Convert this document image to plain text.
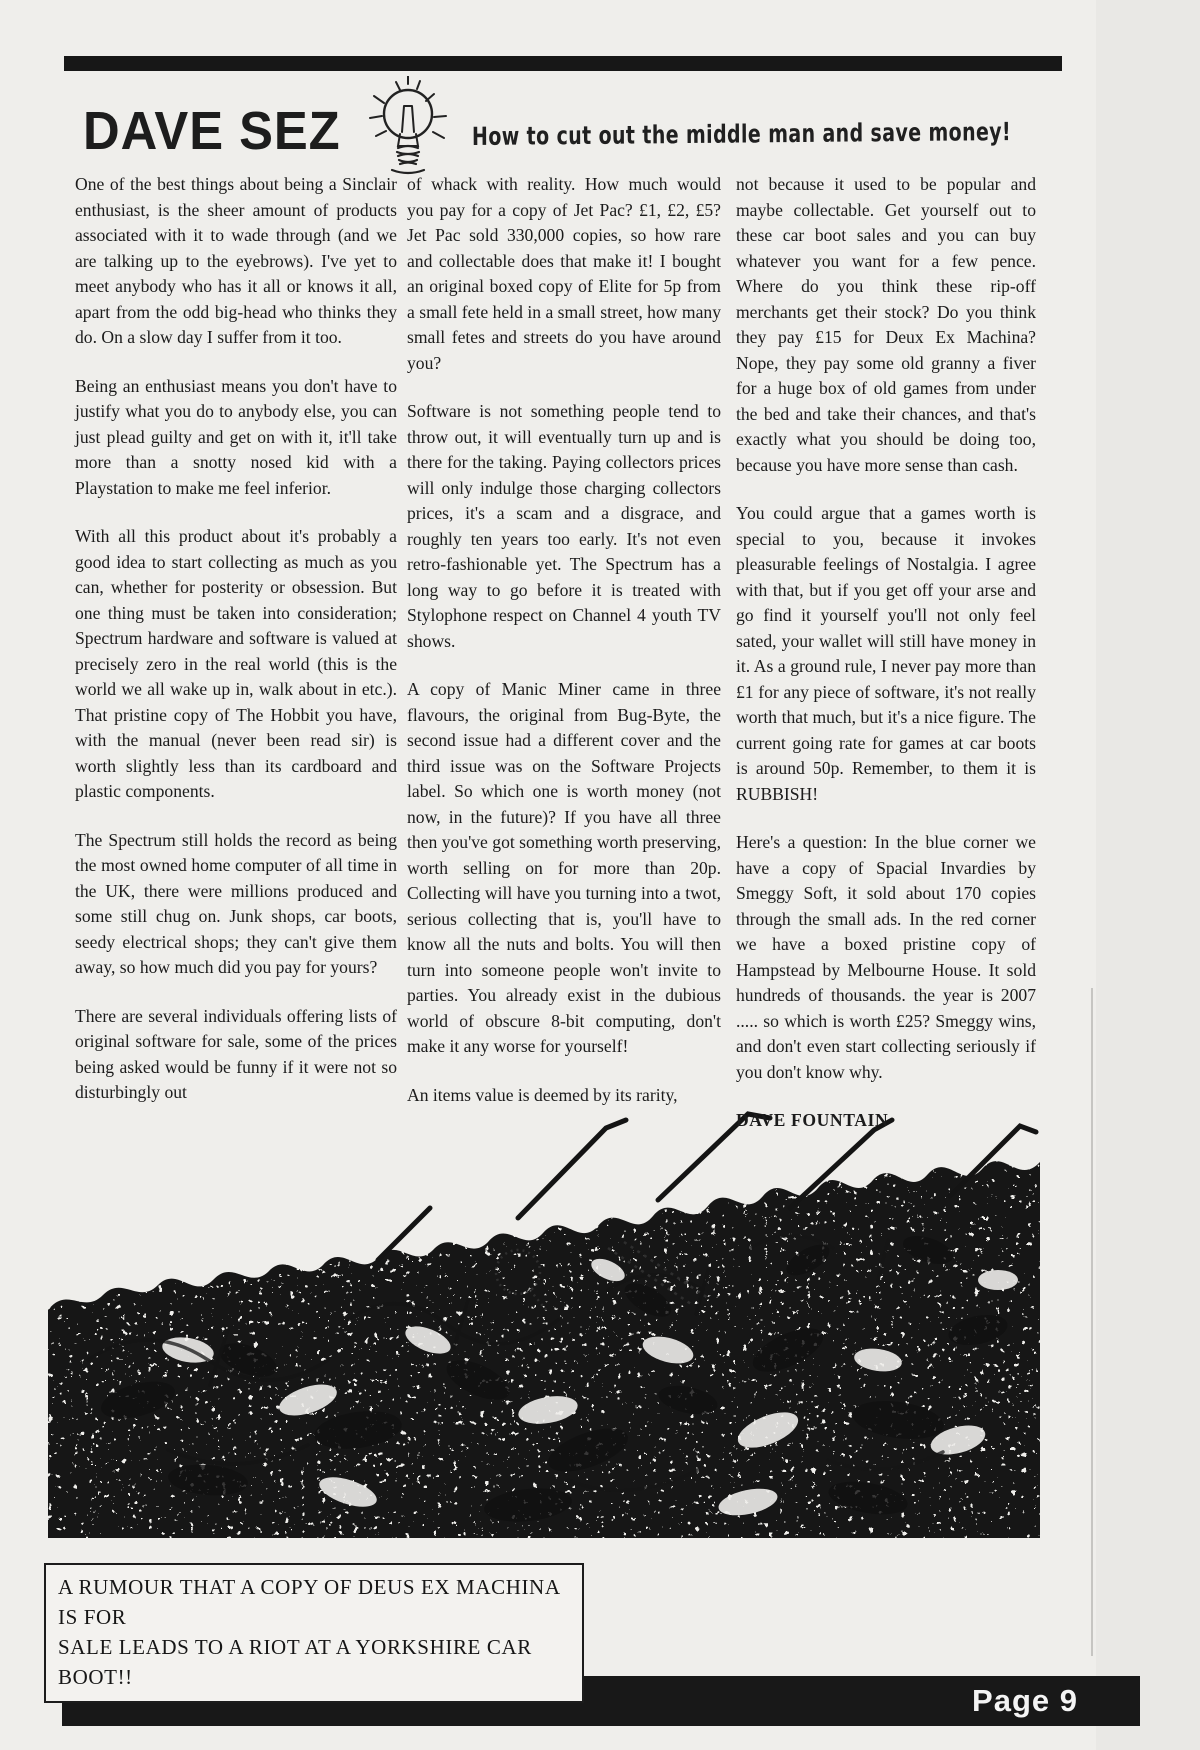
DAVE SEZ	How to cut out the middle man and save money!

One of the best things about being a Sinclair enthusiast, is the sheer amount of products associated with it to wade through (and we are talking up to the eyebrows). I've yet to meet anybody who has it all or knows it all, apart from the odd big-head who thinks they do. On a slow day I suffer from it too.

Being an enthusiast means you don't have to justify what you do to anybody else, you can just plead guilty and get on with it, it'll take more than a snotty nosed kid with a Playstation to make me feel inferior.

With all this product about it's probably a good idea to start collecting as much as you can, whether for posterity or obsession. But one thing must be taken into consideration; Spectrum hardware and software is valued at precisely zero in the real world (this is the world we all wake up in, walk about in etc.). That pristine copy of The Hobbit you have, with the manual (never been read sir) is worth slightly less than its cardboard and plastic components.

The Spectrum still holds the record as being the most owned home computer of all time in the UK, there were millions produced and some still chug on. Junk shops, car boots, seedy electrical shops; they can't give them away, so how much did you pay for yours?

There are several individuals offering lists of original software for sale, some of the prices being asked would be funny if it were not so disturbingly out

of whack with reality. How much would you pay for a copy of Jet Pac? £1, £2, £5? Jet Pac sold 330,000 copies, so how rare and collectable does that make it! I bought an original boxed copy of Elite for 5p from a small fete held in a small street, how many small fetes and streets do you have around you?

Software is not something people tend to throw out, it will eventually turn up and is there for the taking. Paying collectors prices will only indulge those charging collectors prices, it's a scam and a disgrace, and roughly ten years too early. It's not even retro-fashionable yet. The Spectrum has a long way to go before it is treated with Stylophone respect on Channel 4 youth TV shows.

A copy of Manic Miner came in three flavours, the original from Bug-Byte, the second issue had a different cover and the third issue was on the Software Projects label. So which one is worth money (not now, in the future)? If you have all three then you've got something worth preserving, worth selling on for more than 20p. Collecting will have you turning into a twot, serious collecting that is, you'll have to know all the nuts and bolts. You will then turn into someone people won't invite to parties. You already exist in the dubious world of obscure 8-bit computing, don't make it any worse for yourself!

An items value is deemed by its rarity,

not because it used to be popular and maybe collectable. Get yourself out to these car boot sales and you can buy whatever you want for a few pence. Where do you think these rip-off merchants get their stock? Do you think they pay £15 for Deux Ex Machina? Nope, they pay some old granny a fiver for a huge box of old games from under the bed and take their chances, and that's exactly what you should be doing too, because you have more sense than cash.

You could argue that a games worth is special to you, because it invokes pleasurable feelings of Nostalgia. I agree with that, but if you get off your arse and go find it yourself you'll not only feel sated, your wallet will still have money in it. As a ground rule, I never pay more than £1 for any piece of software, it's not really worth that much, but it's a nice figure. The current going rate for games at car boots is around 50p. Remember, to them it is RUBBISH!

Here's a question: In the blue corner we have a copy of Spacial Invardies by Smeggy Soft, it sold about 170 copies through the small ads. In the red corner we have a boxed pristine copy of Hampstead by Melbourne House. It sold hundreds of thousands. the year is 2007 ..... so which is worth £25? Smeggy wins, and don't even start collecting seriously if you don't know why.

DAVE FOUNTAIN

A RUMOUR THAT A COPY OF DEUS EX MACHINA IS FOR
SALE LEADS TO A RIOT AT A YORKSHIRE CAR BOOT!!
Page 9
